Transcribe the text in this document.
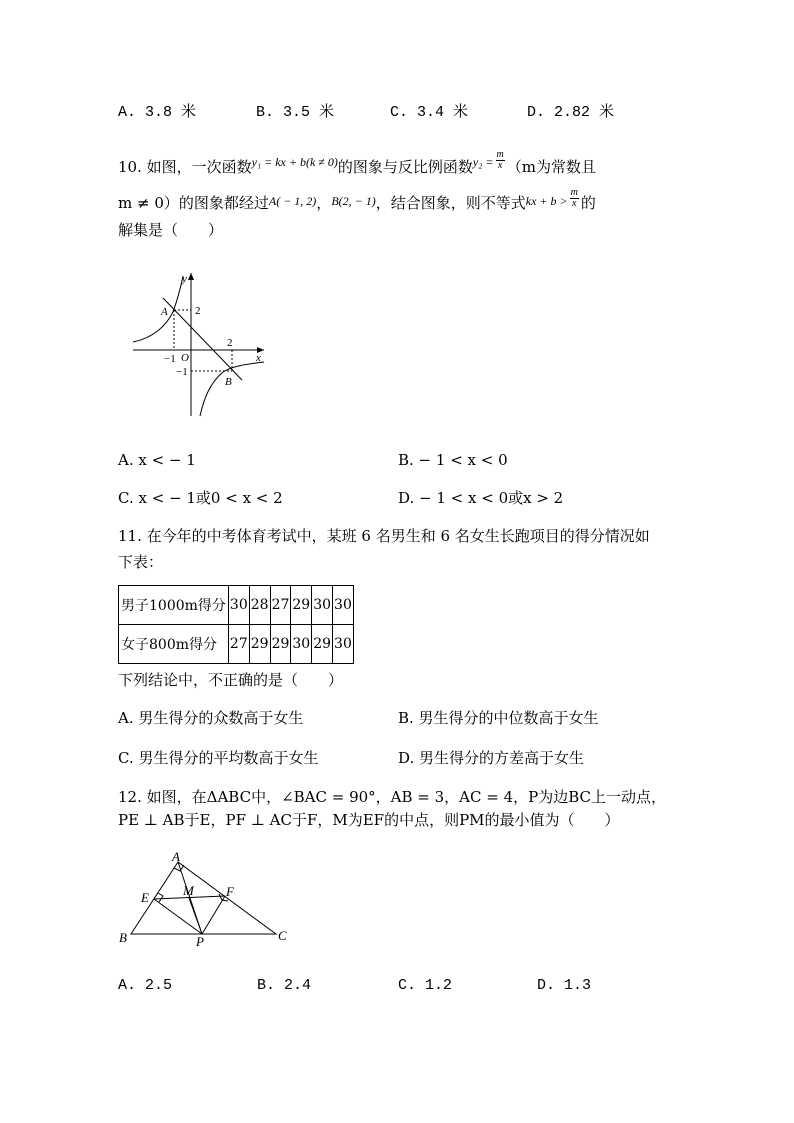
A. 3.8 米	B. 3.5 米	C. 3.4 米	D. 2.82 米
10. 如图，一次函数$^{y_1 = kx + b(k \ne 0)}$的图象与反比例函数$^{y_2 =} \frac{m}{x} (m$为常数且
m ≠ 0）的图象都经过$^{A( - 1, 2)}$，$^{B(2, - 1)}$，结合图象，则不等式$^{kx + b >} \frac{m}{x}$ 的
解集是（　　）
y
x
A
B
O
2
2
−1
−1
A. x < − 1	B. − 1 < x < 0
C. x < − 1或0 < x < 2	D. − 1 < x < 0或x > 2
11. 在今年的中考体育考试中，某班 6 名男生和 6 名女生长跑项目的得分情况如
下表：
男子1000m得分	30	28	27	29	30	30
女子800m得分	27	29	29	30	29	30
下列结论中，不正确的是（　　）
A. 男生得分的众数高于女生	B. 男生得分的中位数高于女生
C. 男生得分的平均数高于女生	D. 男生得分的方差高于女生
12. 如图，在ΔABC中，∠BAC = 90°，AB = 3，AC = 4，P为边BC上一动点，
PE ⊥ AB于E，PF ⊥ AC于F，M为EF的中点，则PM的最小值为（　　）
A
B	C
E	F
M
P
A. 2.5	B. 2.4	C. 1.2	D. 1.3
